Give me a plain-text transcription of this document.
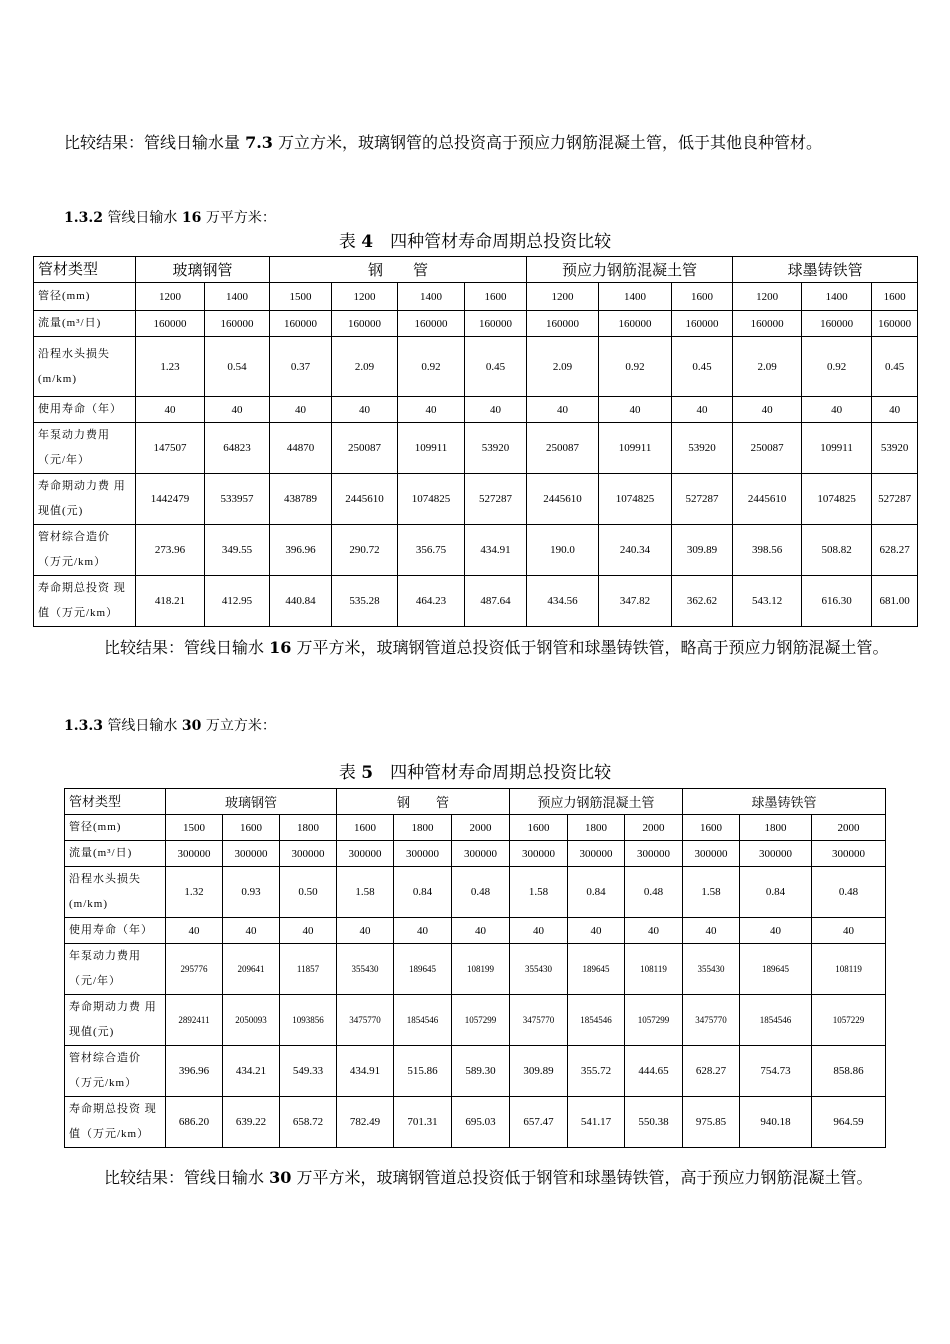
比较结果：管线日输水量 7.3 万立方米，玻璃钢管的总投资高于预应力钢筋混凝土管，低于其他良种管材。

1.3.2 管线日输水 16 万平方米：

表 4　四种管材寿命周期总投资比较

管材类型	玻璃钢管		钢　　管				预应力钢筋混凝土管			球墨铸铁管		
管径(mm)	1200	1400	1500	1200	1400	1600	1200	1400	1600	1200	1400	1600
流量(m³/日)	160000	160000	160000	160000	160000	160000	160000	160000	160000	160000	160000	160000
沿程水头损失 (m/km)	1.23	0.54	0.37	2.09	0.92	0.45	2.09	0.92	0.45	2.09	0.92	0.45
使用寿命（年）	40	40	40	40	40	40	40	40	40	40	40	40
年泵动力费用 （元/年）	147507	64823	44870	250087	109911	53920	250087	109911	53920	250087	109911	53920
寿命期动力费 用现值(元)	1442479	533957	438789	2445610	1074825	527287	2445610	1074825	527287	2445610	1074825	527287
管材综合造价 （万元/km）	273.96	349.55	396.96	290.72	356.75	434.91	190.0	240.34	309.89	398.56	508.82	628.27
寿命期总投资 现值（万元/km）	418.21	412.95	440.84	535.28	464.23	487.64	434.56	347.82	362.62	543.12	616.30	681.00

比较结果：管线日输水 16 万平方米，玻璃钢管道总投资低于钢管和球墨铸铁管，略高于预应力钢筋混凝土管。

1.3.3 管线日输水 30 万立方米：

表 5　四种管材寿命周期总投资比较

管材类型	玻璃钢管			钢　　管			预应力钢筋混凝土管			球墨铸铁管		
管径(mm)	1500	1600	1800	1600	1800	2000	1600	1800	2000	1600	1800	2000
流量(m³/日)	300000	300000	300000	300000	300000	300000	300000	300000	300000	300000	300000	300000
沿程水头损失 (m/km)	1.32	0.93	0.50	1.58	0.84	0.48	1.58	0.84	0.48	1.58	0.84	0.48
使用寿命（年）	40	40	40	40	40	40	40	40	40	40	40	40
年泵动力费用 （元/年）	295776	209641	11857	355430	189645	108199	355430	189645	108119	355430	189645	108119
寿命期动力费 用现值(元)	2892411	2050093	1093856	3475770	1854546	1057299	3475770	1854546	1057299	3475770	1854546	1057229
管材综合造价 （万元/km）	396.96	434.21	549.33	434.91	515.86	589.30	309.89	355.72	444.65	628.27	754.73	858.86
寿命期总投资 现值（万元/km）	686.20	639.22	658.72	782.49	701.31	695.03	657.47	541.17	550.38	975.85	940.18	964.59

比较结果：管线日输水 30 万平方米，玻璃钢管道总投资低于钢管和球墨铸铁管，高于预应力钢筋混凝土管。
